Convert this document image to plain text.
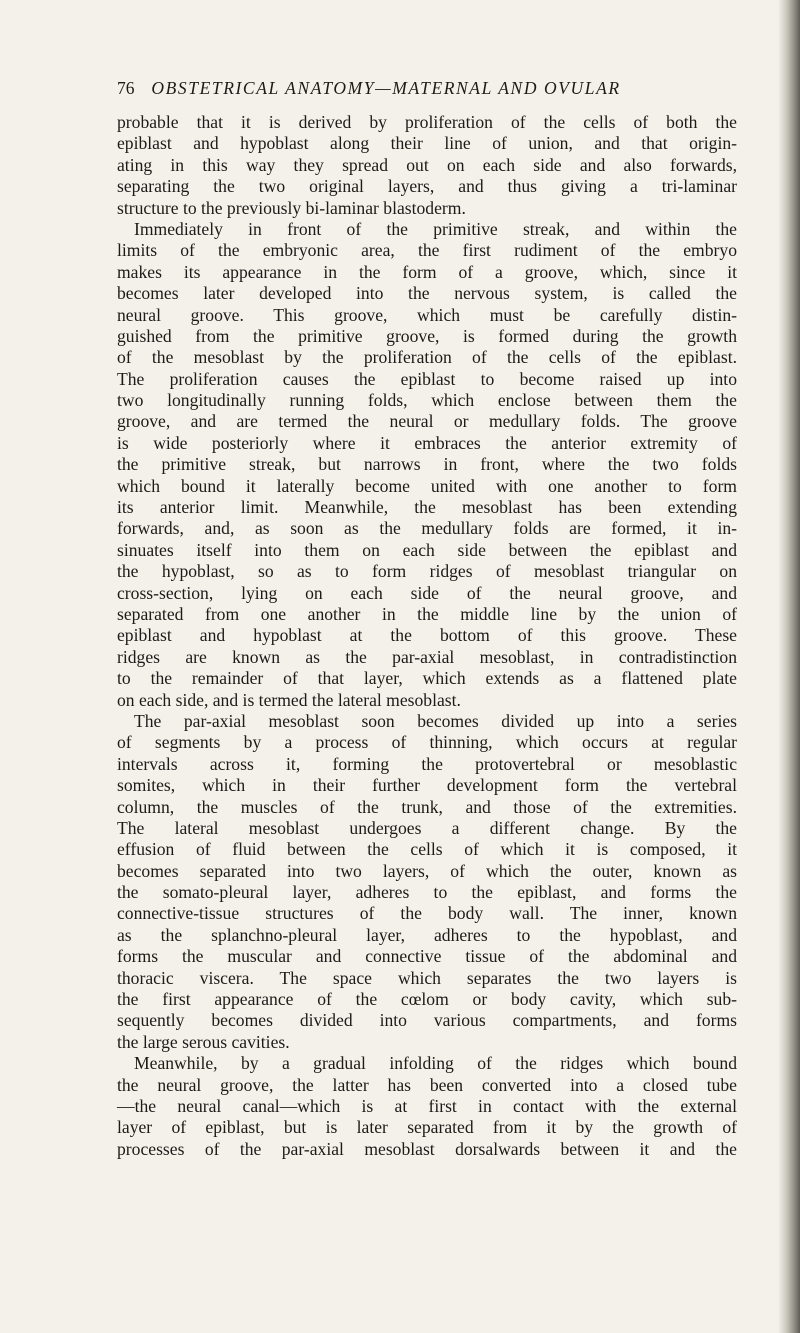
76 OBSTETRICAL ANATOMY—MATERNAL AND OVULAR
probable that it is derived by proliferation of the cells of both the
epiblast and hypoblast along their line of union, and that origin-
ating in this way they spread out on each side and also forwards,
separating the two original layers, and thus giving a tri-laminar
structure to the previously bi-laminar blastoderm.
Immediately in front of the primitive streak, and within the
limits of the embryonic area, the first rudiment of the embryo
makes its appearance in the form of a groove, which, since it
becomes later developed into the nervous system, is called the
neural groove. This groove, which must be carefully distin-
guished from the primitive groove, is formed during the growth
of the mesoblast by the proliferation of the cells of the epiblast.
The proliferation causes the epiblast to become raised up into
two longitudinally running folds, which enclose between them the
groove, and are termed the neural or medullary folds. The groove
is wide posteriorly where it embraces the anterior extremity of
the primitive streak, but narrows in front, where the two folds
which bound it laterally become united with one another to form
its anterior limit. Meanwhile, the mesoblast has been extending
forwards, and, as soon as the medullary folds are formed, it in-
sinuates itself into them on each side between the epiblast and
the hypoblast, so as to form ridges of mesoblast triangular on
cross-section, lying on each side of the neural groove, and
separated from one another in the middle line by the union of
epiblast and hypoblast at the bottom of this groove. These
ridges are known as the par-axial mesoblast, in contradistinction
to the remainder of that layer, which extends as a flattened plate
on each side, and is termed the lateral mesoblast.
The par-axial mesoblast soon becomes divided up into a series
of segments by a process of thinning, which occurs at regular
intervals across it, forming the protovertebral or mesoblastic
somites, which in their further development form the vertebral
column, the muscles of the trunk, and those of the extremities.
The lateral mesoblast undergoes a different change. By the
effusion of fluid between the cells of which it is composed, it
becomes separated into two layers, of which the outer, known as
the somato-pleural layer, adheres to the epiblast, and forms the
connective-tissue structures of the body wall. The inner, known
as the splanchno-pleural layer, adheres to the hypoblast, and
forms the muscular and connective tissue of the abdominal and
thoracic viscera. The space which separates the two layers is
the first appearance of the cœlom or body cavity, which sub-
sequently becomes divided into various compartments, and forms
the large serous cavities.
Meanwhile, by a gradual infolding of the ridges which bound
the neural groove, the latter has been converted into a closed tube
—the neural canal—which is at first in contact with the external
layer of epiblast, but is later separated from it by the growth of
processes of the par-axial mesoblast dorsalwards between it and the
